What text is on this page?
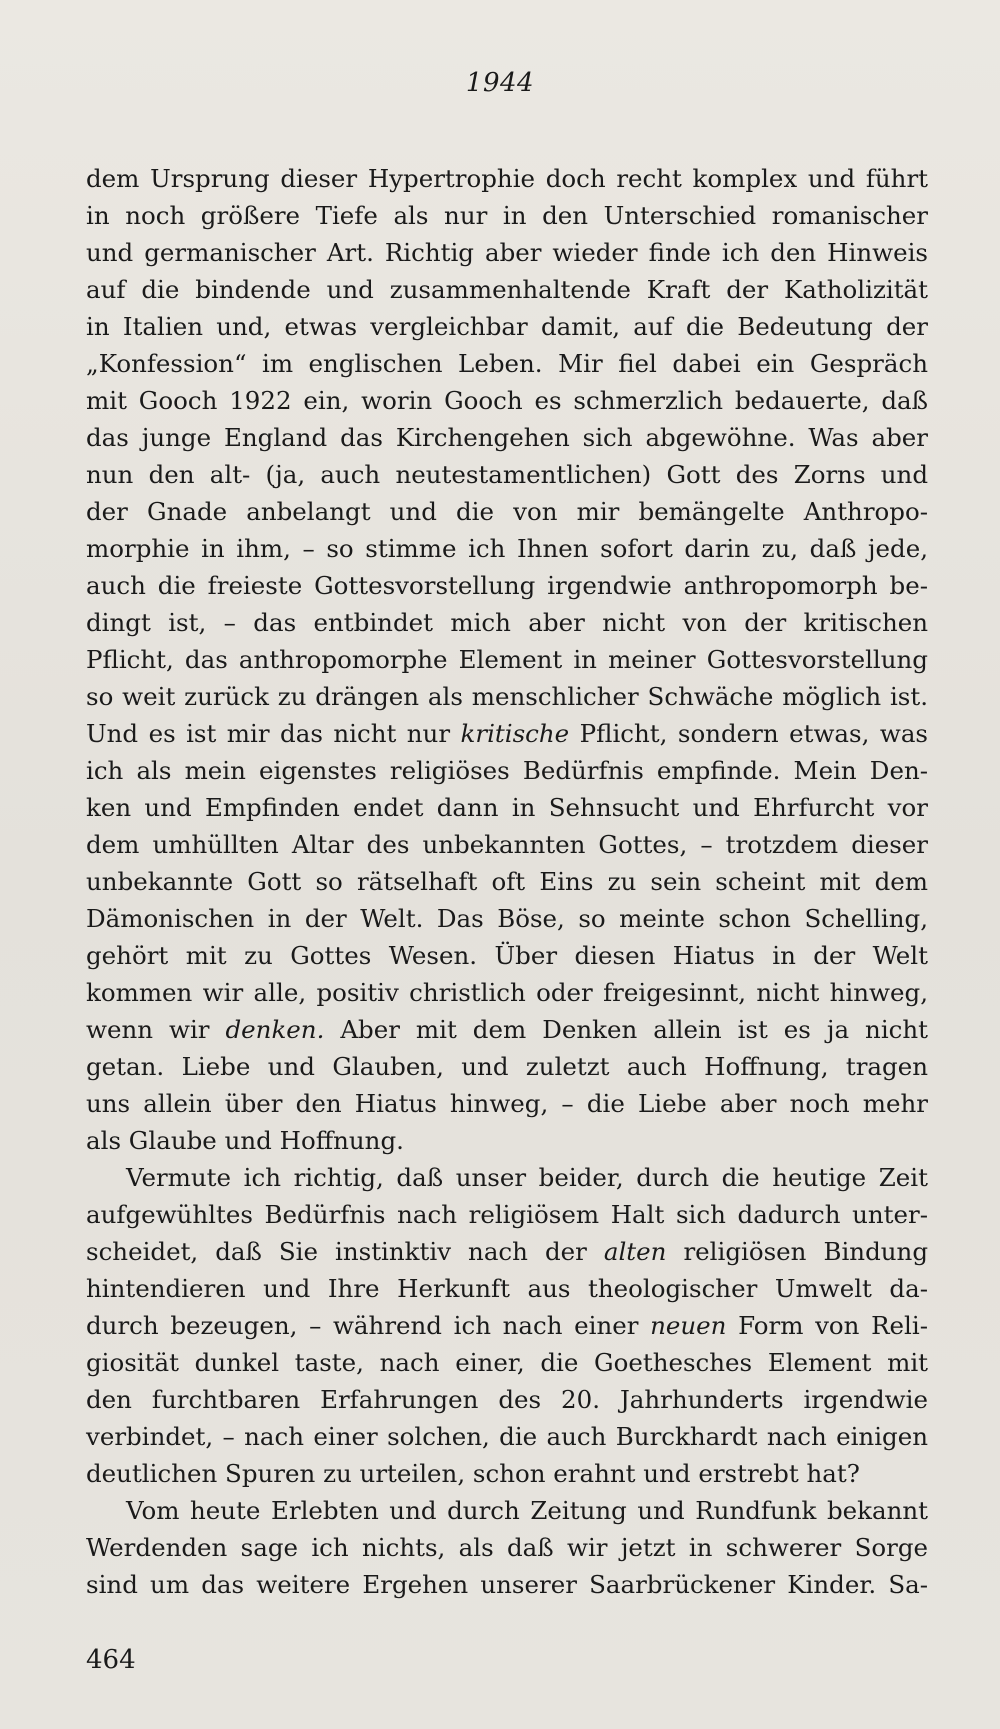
1944
dem Ursprung dieser Hypertrophie doch recht komplex und führt
in noch größere Tiefe als nur in den Unterschied romanischer
und germanischer Art. Richtig aber wieder finde ich den Hinweis
auf die bindende und zusammenhaltende Kraft der Katholizität
in Italien und, etwas vergleichbar damit, auf die Bedeutung der
„Konfession“ im englischen Leben. Mir fiel dabei ein Gespräch
mit Gooch 1922 ein, worin Gooch es schmerzlich bedauerte, daß
das junge England das Kirchengehen sich abgewöhne. Was aber
nun den alt- (ja, auch neutestamentlichen) Gott des Zorns und
der Gnade anbelangt und die von mir bemängelte Anthropo-
morphie in ihm, – so stimme ich Ihnen sofort darin zu, daß jede,
auch die freieste Gottesvorstellung irgendwie anthropomorph be-
dingt ist, – das entbindet mich aber nicht von der kritischen
Pflicht, das anthropomorphe Element in meiner Gottesvorstellung
so weit zurück zu drängen als menschlicher Schwäche möglich ist.
Und es ist mir das nicht nur kritische Pflicht, sondern etwas, was
ich als mein eigenstes religiöses Bedürfnis empfinde. Mein Den-
ken und Empfinden endet dann in Sehnsucht und Ehrfurcht vor
dem umhüllten Altar des unbekannten Gottes, – trotzdem dieser
unbekannte Gott so rätselhaft oft Eins zu sein scheint mit dem
Dämonischen in der Welt. Das Böse, so meinte schon Schelling,
gehört mit zu Gottes Wesen. Über diesen Hiatus in der Welt
kommen wir alle, positiv christlich oder freigesinnt, nicht hinweg,
wenn wir denken. Aber mit dem Denken allein ist es ja nicht
getan. Liebe und Glauben, und zuletzt auch Hoffnung, tragen
uns allein über den Hiatus hinweg, – die Liebe aber noch mehr
als Glaube und Hoffnung.
Vermute ich richtig, daß unser beider, durch die heutige Zeit
aufgewühltes Bedürfnis nach religiösem Halt sich dadurch unter-
scheidet, daß Sie instinktiv nach der alten religiösen Bindung
hintendieren und Ihre Herkunft aus theologischer Umwelt da-
durch bezeugen, – während ich nach einer neuen Form von Reli-
giosität dunkel taste, nach einer, die Goethesches Element mit
den furchtbaren Erfahrungen des 20. Jahrhunderts irgendwie
verbindet, – nach einer solchen, die auch Burckhardt nach einigen
deutlichen Spuren zu urteilen, schon erahnt und erstrebt hat?
Vom heute Erlebten und durch Zeitung und Rundfunk bekannt
Werdenden sage ich nichts, als daß wir jetzt in schwerer Sorge
sind um das weitere Ergehen unserer Saarbrückener Kinder. Sa-
464
